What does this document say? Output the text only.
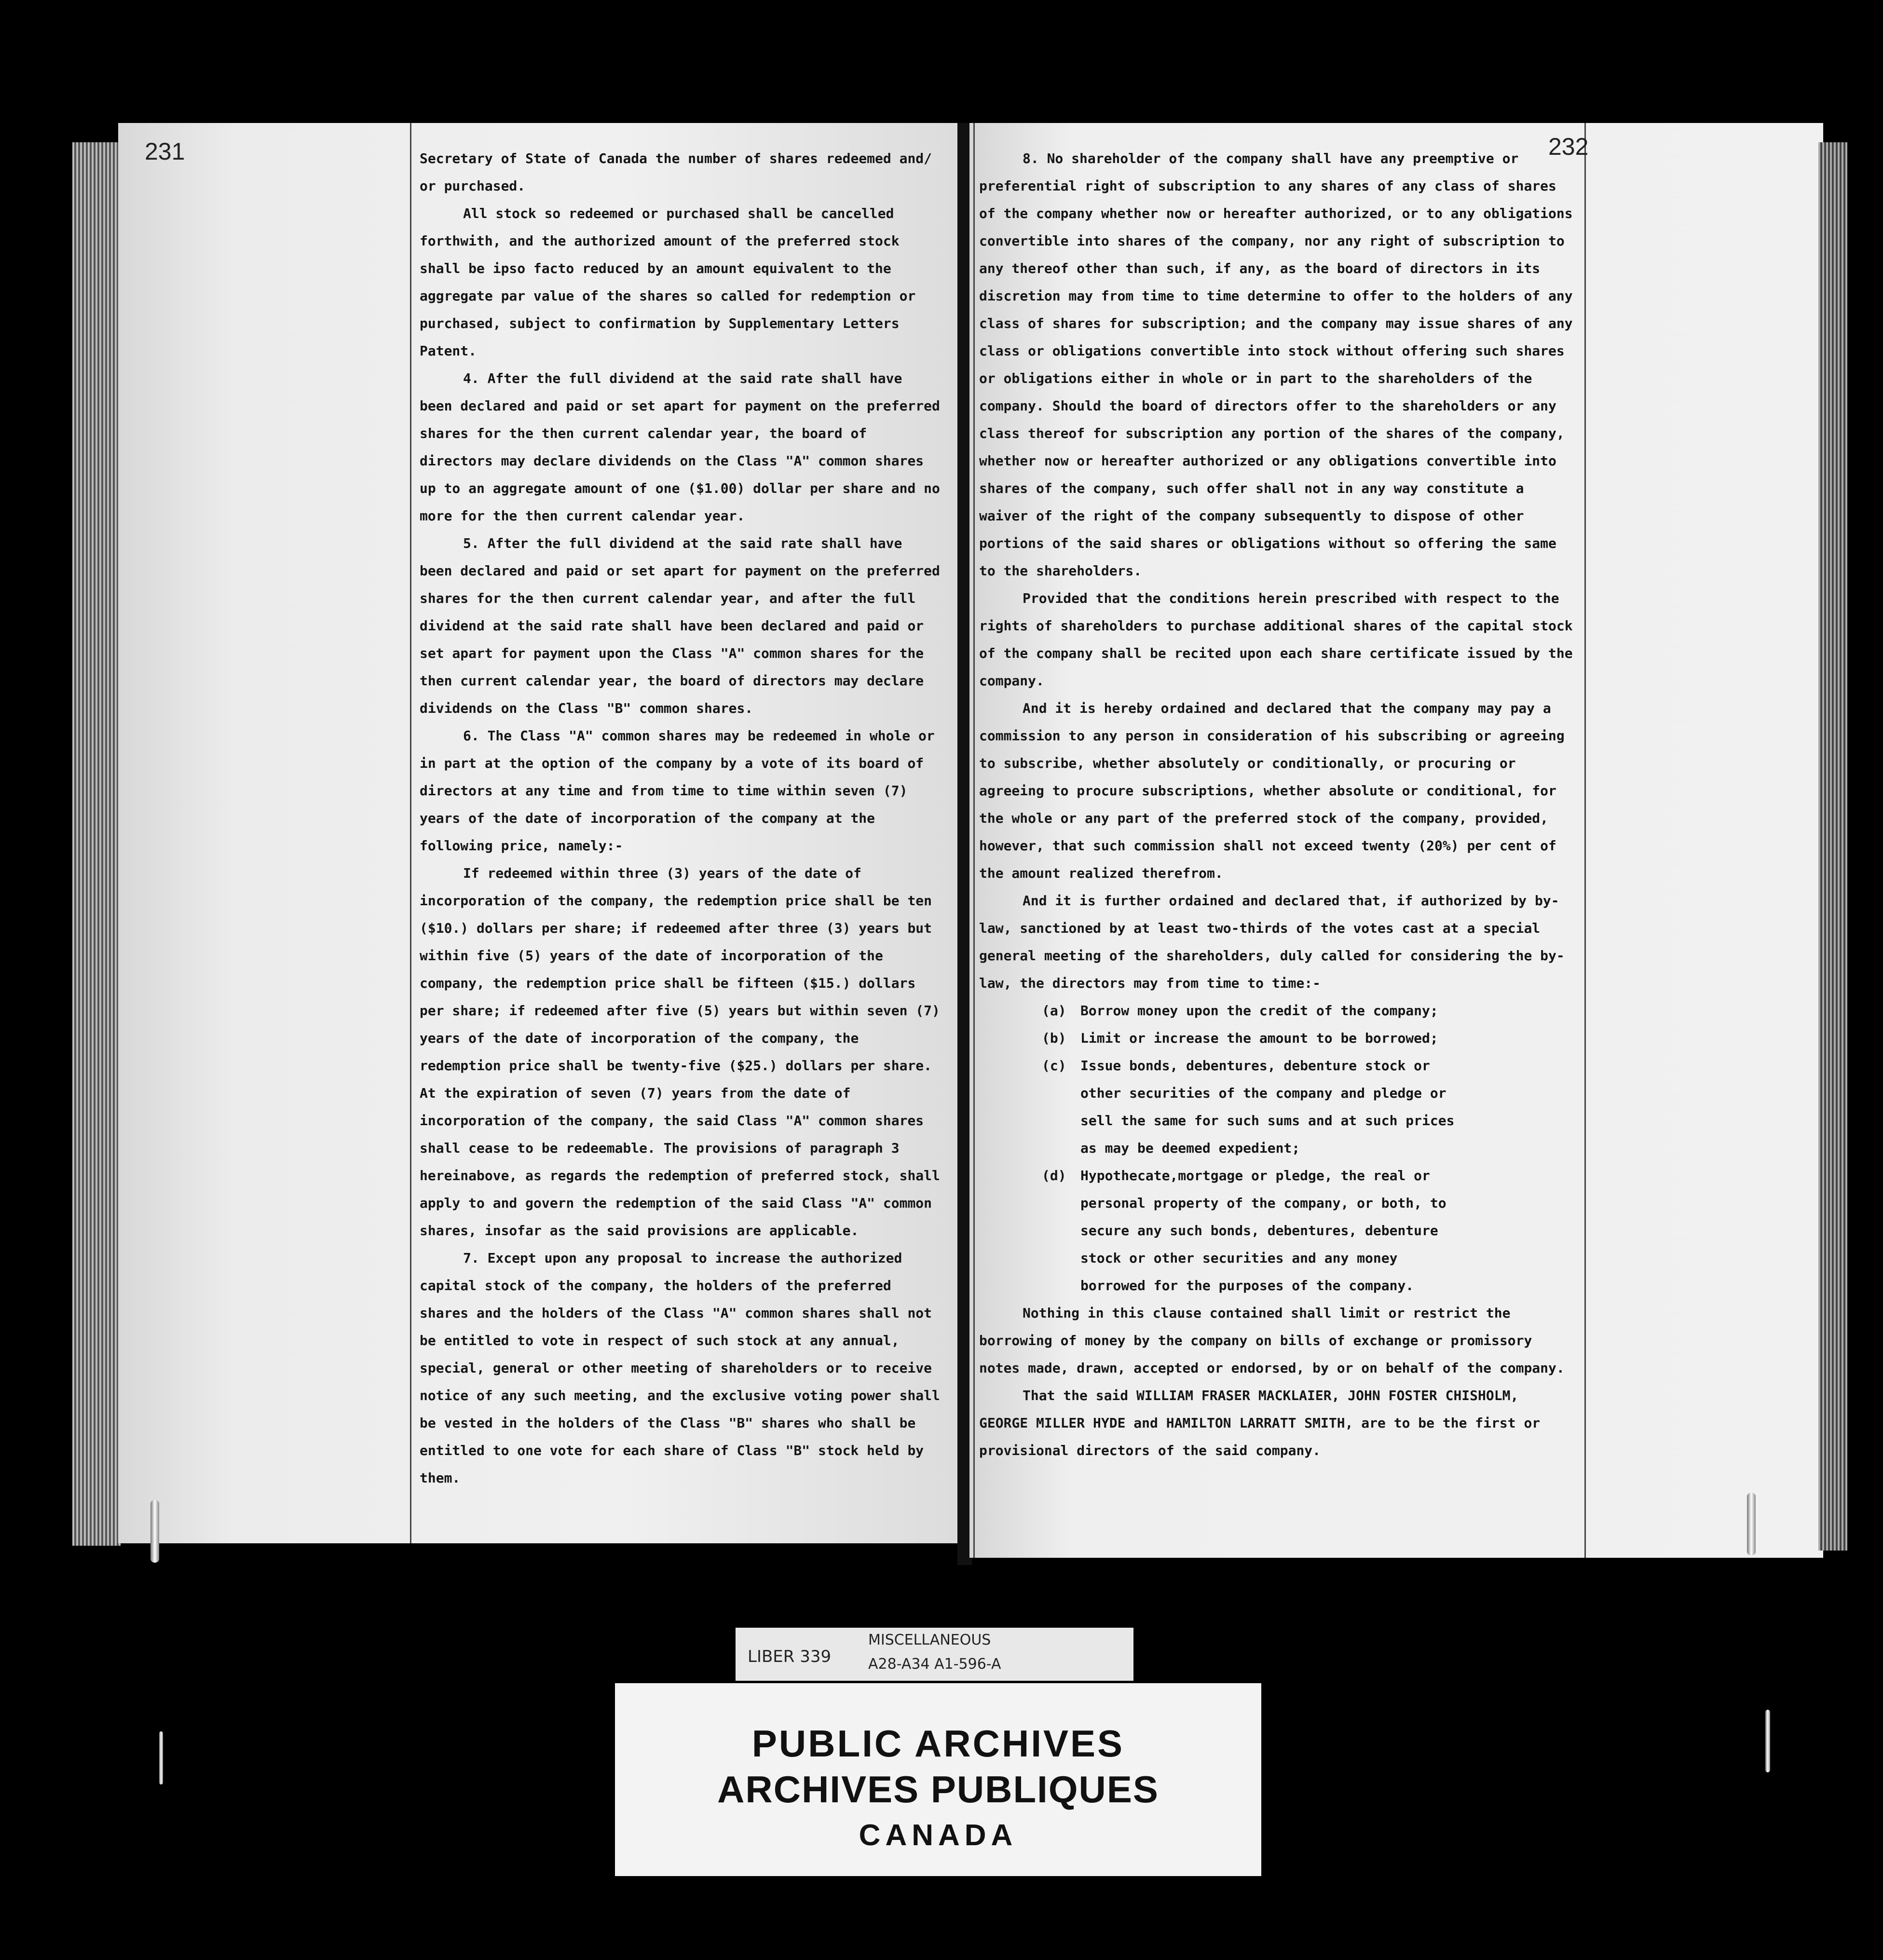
231	Secretary of State of Canada the number of shares redeemed and/ or purchased.

All stock so redeemed or purchased shall be cancelled forthwith, and the authorized amount of the preferred stock shall be ipso facto reduced by an amount equivalent to the aggregate par value of the shares so called for redemption or purchased, subject to confirmation by Supplementary Letters Patent.

4. After the full dividend at the said rate shall have been declared and paid or set apart for payment on the preferred shares for the then current calendar year, the board of directors may declare dividends on the Class "A" common shares up to an aggregate amount of one ($1.00) dollar per share and no more for the then current calendar year.

5. After the full dividend at the said rate shall have been declared and paid or set apart for payment on the preferred shares for the then current calendar year, and after the full dividend at the said rate shall have been declared and paid or set apart for payment upon the Class "A" common shares for the then current calendar year, the board of directors may declare dividends on the Class "B" common shares.

6. The Class "A" common shares may be redeemed in whole or in part at the option of the company by a vote of its board of directors at any time and from time to time within seven (7) years of the date of incorporation of the company at the following price, namely:-

If redeemed within three (3) years of the date of incorporation of the company, the redemption price shall be ten ($10.) dollars per share; if redeemed after three (3) years but within five (5) years of the date of incorporation of the company, the redemption price shall be fifteen ($15.) dollars per share; if redeemed after five (5) years but within seven (7) years of the date of incorporation of the company, the redemption price shall be twenty-five ($25.) dollars per share. At the expiration of seven (7) years from the date of incorporation of the company, the said Class "A" common shares shall cease to be redeemable. The provisions of paragraph 3 hereinabove, as regards the redemption of preferred stock, shall apply to and govern the redemption of the said Class "A" common shares, insofar as the said provisions are applicable.

7. Except upon any proposal to increase the authorized capital stock of the company, the holders of the preferred shares and the holders of the Class "A" common shares shall not be entitled to vote in respect of such stock at any annual, special, general or other meeting of shareholders or to receive notice of any such meeting, and the exclusive voting power shall be vested in the holders of the Class "B" shares who shall be entitled to one vote for each share of Class "B" stock held by them.

232

8. No shareholder of the company shall have any preemptive or preferential right of subscription to any shares of any class of shares of the company whether now or hereafter authorized, or to any obligations convertible into shares of the company, nor any right of subscription to any thereof other than such, if any, as the board of directors in its discretion may from time to time determine to offer to the holders of any class of shares for subscription; and the company may issue shares of any class or obligations convertible into stock without offering such shares or obligations either in whole or in part to the shareholders of the company. Should the board of directors offer to the shareholders or any class thereof for subscription any portion of the shares of the company, whether now or hereafter authorized or any obligations convertible into shares of the company, such offer shall not in any way constitute a waiver of the right of the company subsequently to dispose of other portions of the said shares or obligations without so offering the same to the shareholders.

Provided that the conditions herein prescribed with respect to the rights of shareholders to purchase additional shares of the capital stock of the company shall be recited upon each share certificate issued by the company.

And it is hereby ordained and declared that the company may pay a commission to any person in consideration of his subscribing or agreeing to subscribe, whether absolutely or conditionally, or procuring or agreeing to procure subscriptions, whether absolute or conditional, for the whole or any part of the preferred stock of the company, provided, however, that such commission shall not exceed twenty (20%) per cent of the amount realized therefrom.

And it is further ordained and declared that, if authorized by by-law, sanctioned by at least two-thirds of the votes cast at a special general meeting of the shareholders, duly called for considering the by-law, the directors may from time to time:-

(a) Borrow money upon the credit of the company;
(b) Limit or increase the amount to be borrowed;
(c) Issue bonds, debentures, debenture stock or other securities of the company and pledge or sell the same for such sums and at such prices as may be deemed expedient;
(d) Hypothecate,mortgage or pledge, the real or personal property of the company, or both, to secure any such bonds, debentures, debenture stock or other securities and any money borrowed for the purposes of the company.

Nothing in this clause contained shall limit or restrict the borrowing of money by the company on bills of exchange or promissory notes made, drawn, accepted or endorsed, by or on behalf of the company.

That the said WILLIAM FRASER MACKLAIER, JOHN FOSTER CHISHOLM, GEORGE MILLER HYDE and HAMILTON LARRATT SMITH, are to be the first or provisional directors of the said company.

LIBER 339
MISCELLANEOUS
A28-A34 A1-596-A
PUBLIC ARCHIVES
ARCHIVES PUBLIQUES
CANADA
